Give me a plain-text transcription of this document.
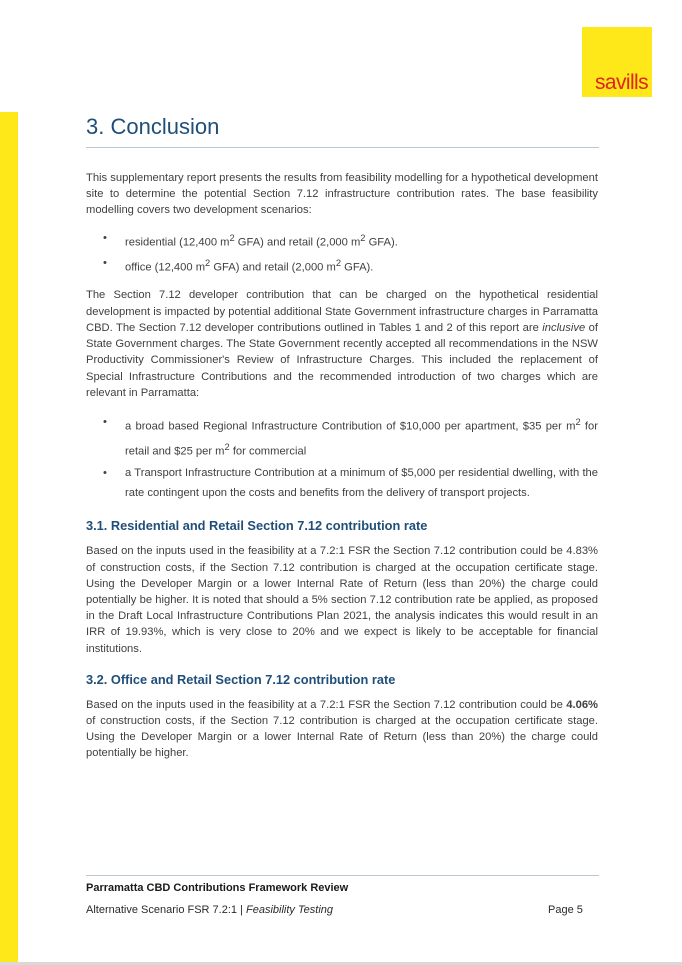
savills
3. Conclusion

This supplementary report presents the results from feasibility modelling for a hypothetical development site to determine the potential Section 7.12 infrastructure contribution rates. The base feasibility modelling covers two development scenarios:

• residential (12,400 $m^2$ GFA) and retail (2,000 $m^2$ GFA).
• office (12,400 $m^2$ GFA) and retail (2,000 $m^2$ GFA).

The Section 7.12 developer contribution that can be charged on the hypothetical residential development is impacted by potential additional State Government infrastructure charges in Parramatta CBD. The Section 7.12 developer contributions outlined in Tables 1 and 2 of this report are inclusive of State Government charges. The State Government recently accepted all recommendations in the NSW Productivity Commissioner's Review of Infrastructure Charges. This included the replacement of Special Infrastructure Contributions and the recommended introduction of two charges which are relevant in Parramatta:

• a broad based Regional Infrastructure Contribution of $10,000 per apartment, $35 per $m^2$ for retail and $25 per $m^2$ for commercial
• a Transport Infrastructure Contribution at a minimum of $5,000 per residential dwelling, with the rate contingent upon the costs and benefits from the delivery of transport projects.
3.1. Residential and Retail Section 7.12 contribution rate

Based on the inputs used in the feasibility at a 7.2:1 FSR the Section 7.12 contribution could be 4.83% of construction costs, if the Section 7.12 contribution is charged at the occupation certificate stage. Using the Developer Margin or a lower Internal Rate of Return (less than 20%) the charge could potentially be higher. It is noted that should a 5% section 7.12 contribution rate be applied, as proposed in the Draft Local Infrastructure Contributions Plan 2021, the analysis indicates this would result in an IRR of 19.93%, which is very close to 20% and we expect is likely to be acceptable for financial institutions.

3.2. Office and Retail Section 7.12 contribution rate

Based on the inputs used in the feasibility at a 7.2:1 FSR the Section 7.12 contribution could be 4.06% of construction costs, if the Section 7.12 contribution is charged at the occupation certificate stage. Using the Developer Margin or a lower Internal Rate of Return (less than 20%) the charge could potentially be higher.

Parramatta CBD Contributions Framework Review
Alternative Scenario FSR 7.2:1 | Feasibility Testing	Page 5
